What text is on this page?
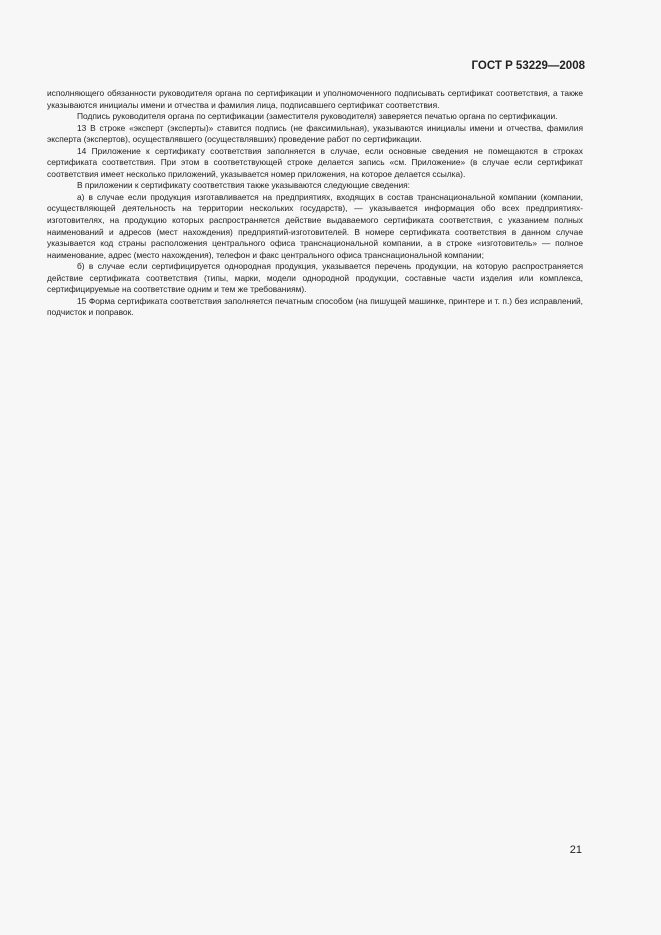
ГОСТ Р 53229—2008

исполняющего обязанности руководителя органа по сертификации и уполномоченного подписывать сертификат соответствия, а также указываются инициалы имени и отчества и фамилия лица, подписавшего сертификат соответствия.

Подпись руководителя органа по сертификации (заместителя руководителя) заверяется печатью органа по сертификации.

13 В строке «эксперт (эксперты)» ставится подпись (не факсимильная), указываются инициалы имени и отчества, фамилия эксперта (экспертов), осуществлявшего (осуществлявших) проведение работ по сертификации.

14 Приложение к сертификату соответствия заполняется в случае, если основные сведения не помещаются в строках сертификата соответствия. При этом в соответствующей строке делается запись «см. Приложение» (в случае если сертификат соответствия имеет несколько приложений, указывается номер приложения, на которое делается ссылка).

В приложении к сертификату соответствия также указываются следующие сведения:

а) в случае если продукция изготавливается на предприятиях, входящих в состав транснациональной компании (компании, осуществляющей деятельность на территории нескольких государств), — указывается информация обо всех предприятиях-изготовителях, на продукцию которых распространяется действие выдаваемого сертификата соответствия, с указанием полных наименований и адресов (мест нахождения) предприятий-изготовителей. В номере сертификата соответствия в данном случае указывается код страны расположения центрального офиса транснациональной компании, а в строке «изготовитель» — полное наименование, адрес (место нахождения), телефон и факс центрального офиса транснациональной компании;

б) в случае если сертифицируется однородная продукция, указывается перечень продукции, на которую распространяется действие сертификата соответствия (типы, марки, модели однородной продукции, составные части изделия или комплекса, сертифицируемые на соответствие одним и тем же требованиям).

15 Форма сертификата соответствия заполняется печатным способом (на пишущей машинке, принтере и т. п.) без исправлений, подчисток и поправок.

21
